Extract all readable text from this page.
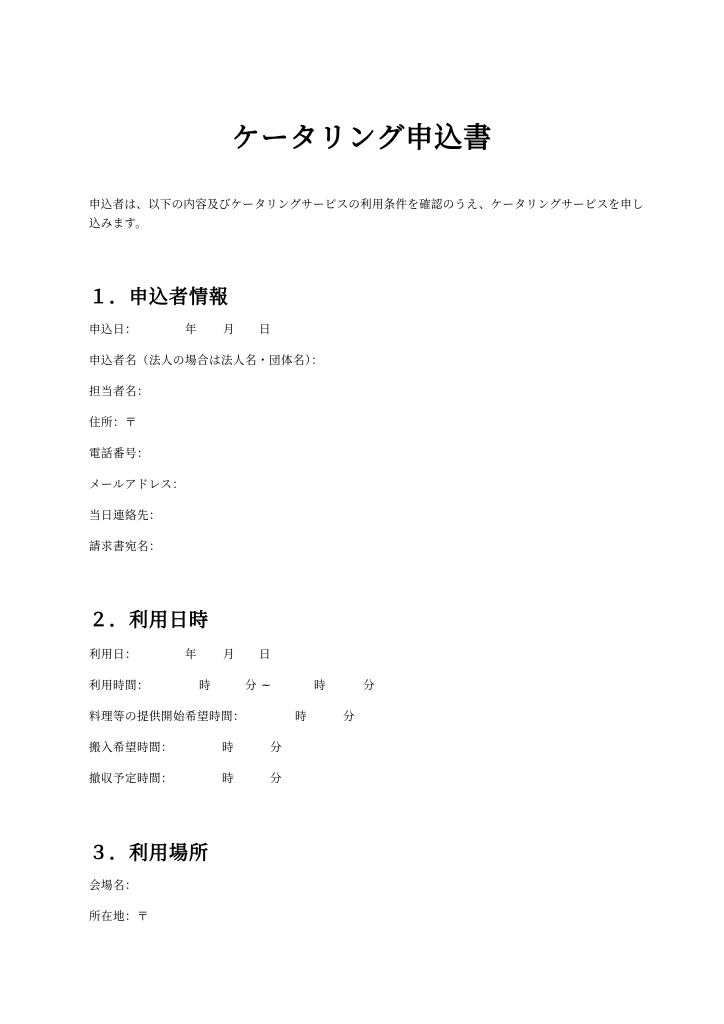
ケータリング申込書
申込者は、以下の内容及びケータリングサービスの利用条件を確認のうえ、ケータリングサービスを申し込みます。
１．申込者情報
申込日：	年 月 日
申込者名（法人の場合は法人名・団体名）：
担当者名：
住所：〒
電話番号：
メールアドレス：
当日連絡先：
請求書宛名：
２．利用日時
利用日：	年 月 日
利用時間：	時	分 ~	時	分
料理等の提供開始希望時間：	時	分
搬入希望時間：	時	分
撤収予定時間：	時	分
３．利用場所
会場名：
所在地：〒
